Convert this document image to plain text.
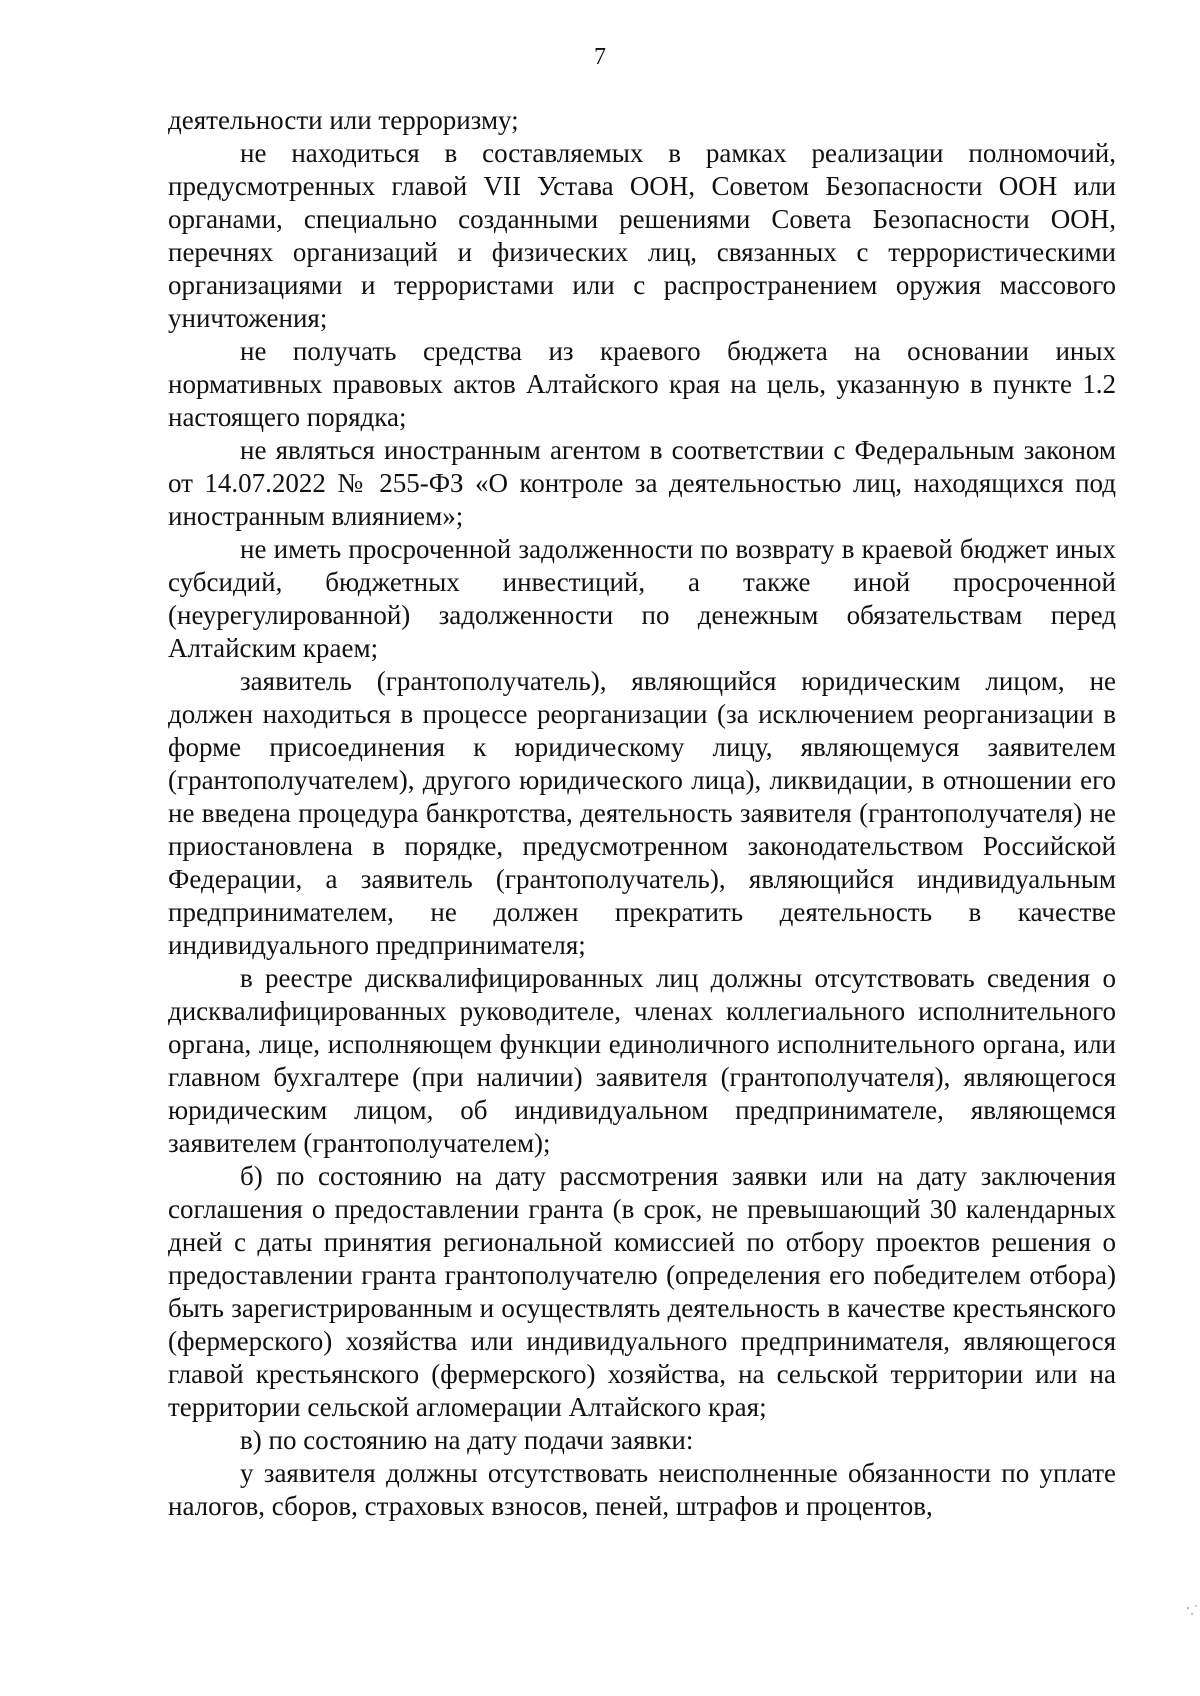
7

деятельности или терроризму;

не находиться в составляемых в рамках реализации полномочий, предусмотренных главой VII Устава ООН, Советом Безопасности ООН или органами, специально созданными решениями Совета Безопасности ООН, перечнях организаций и физических лиц, связанных с террористическими организациями и террористами или с распространением оружия массового уничтожения;

не получать средства из краевого бюджета на основании иных нормативных правовых актов Алтайского края на цель, указанную в пункте 1.2 настоящего порядка;

не являться иностранным агентом в соответствии с Федеральным законом от 14.07.2022 № 255-ФЗ «О контроле за деятельностью лиц, находящихся под иностранным влиянием»;

не иметь просроченной задолженности по возврату в краевой бюджет иных субсидий, бюджетных инвестиций, а также иной просроченной (неурегулированной) задолженности по денежным обязательствам перед Алтайским краем;

заявитель (грантополучатель), являющийся юридическим лицом, не должен находиться в процессе реорганизации (за исключением реорганизации в форме присоединения к юридическому лицу, являющемуся заявителем (грантополучателем), другого юридического лица), ликвидации, в отношении его не введена процедура банкротства, деятельность заявителя (грантополучателя) не приостановлена в порядке, предусмотренном законодательством Российской Федерации, а заявитель (грантополучатель), являющийся индивидуальным предпринимателем, не должен прекратить деятельность в качестве индивидуального предпринимателя;

в реестре дисквалифицированных лиц должны отсутствовать сведения о дисквалифицированных руководителе, членах коллегиального исполнительного органа, лице, исполняющем функции единоличного исполнительного органа, или главном бухгалтере (при наличии) заявителя (грантополучателя), являющегося юридическим лицом, об индивидуальном предпринимателе, являющемся заявителем (грантополучателем);

б) по состоянию на дату рассмотрения заявки или на дату заключения соглашения о предоставлении гранта (в срок, не превышающий 30 календарных дней с даты принятия региональной комиссией по отбору проектов решения о предоставлении гранта грантополучателю (определения его победителем отбора) быть зарегистрированным и осуществлять деятельность в качестве крестьянского (фермерского) хозяйства или индивидуального предпринимателя, являющегося главой крестьянского (фермерского) хозяйства, на сельской территории или на территории сельской агломерации Алтайского края;

в) по состоянию на дату подачи заявки:

у заявителя должны отсутствовать неисполненные обязанности по уплате налогов, сборов, страховых взносов, пеней, штрафов и процентов,
